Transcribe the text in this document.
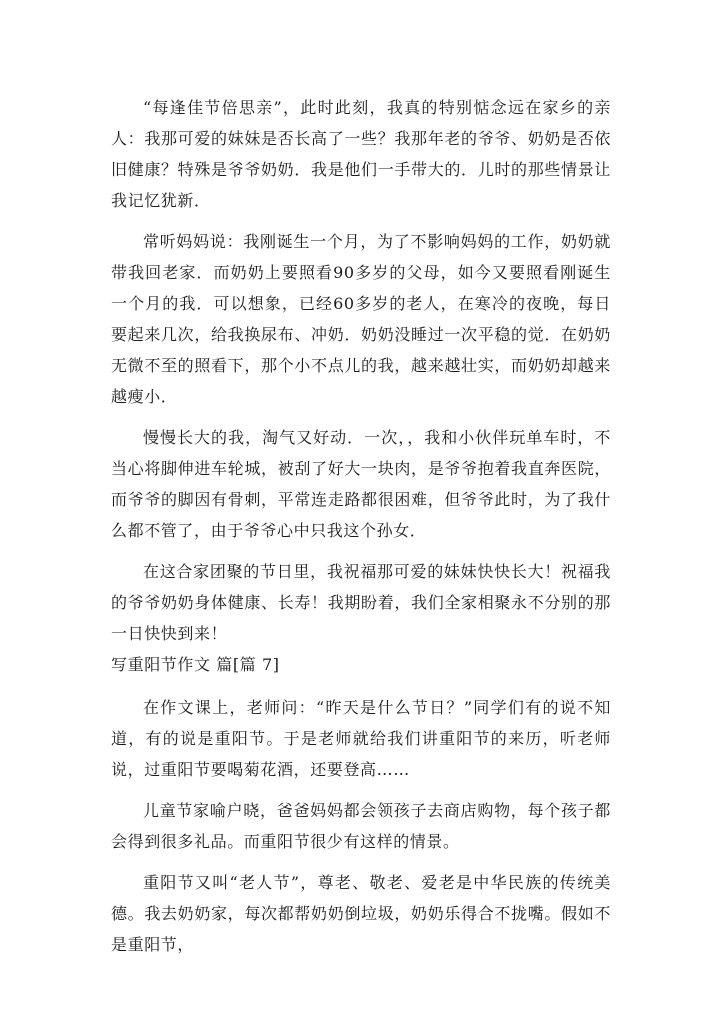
“每逢佳节倍思亲”，此时此刻，我真的特别惦念远在家乡的亲人：我那可爱的妹妹是否长高了一些？我那年老的爷爷、奶奶是否依旧健康？特殊是爷爷奶奶．我是他们一手带大的．儿时的那些情景让我记忆犹新．

常听妈妈说：我刚诞生一个月，为了不影响妈妈的工作，奶奶就带我回老家．而奶奶上要照看90多岁的父母，如今又要照看刚诞生一个月的我．可以想象，已经60多岁的老人，在寒冷的夜晚，每日要起来几次，给我换尿布、冲奶．奶奶没睡过一次平稳的觉．在奶奶无微不至的照看下，那个小不点儿的我，越来越壮实，而奶奶却越来越瘦小．

慢慢长大的我，淘气又好动．一次，，我和小伙伴玩单车时，不当心将脚伸进车轮城，被刮了好大一块肉，是爷爷抱着我直奔医院，而爷爷的脚因有骨刺，平常连走路都很困难，但爷爷此时，为了我什么都不管了，由于爷爷心中只我这个孙女．

在这合家团聚的节日里，我祝福那可爱的妹妹快快长大！祝福我的爷爷奶奶身体健康、长寿！我期盼着，我们全家相聚永不分别的那一日快快到来！

写重阳节作文 篇[篇 7]

在作文课上，老师问：“昨天是什么节日？”同学们有的说不知道，有的说是重阳节。于是老师就给我们讲重阳节的来历，听老师说，过重阳节要喝菊花酒，还要登高……

儿童节家喻户晓，爸爸妈妈都会领孩子去商店购物，每个孩子都会得到很多礼品。而重阳节很少有这样的情景。

重阳节又叫“老人节”，尊老、敬老、爱老是中华民族的传统美德。我去奶奶家，每次都帮奶奶倒垃圾，奶奶乐得合不拢嘴。假如不是重阳节，
